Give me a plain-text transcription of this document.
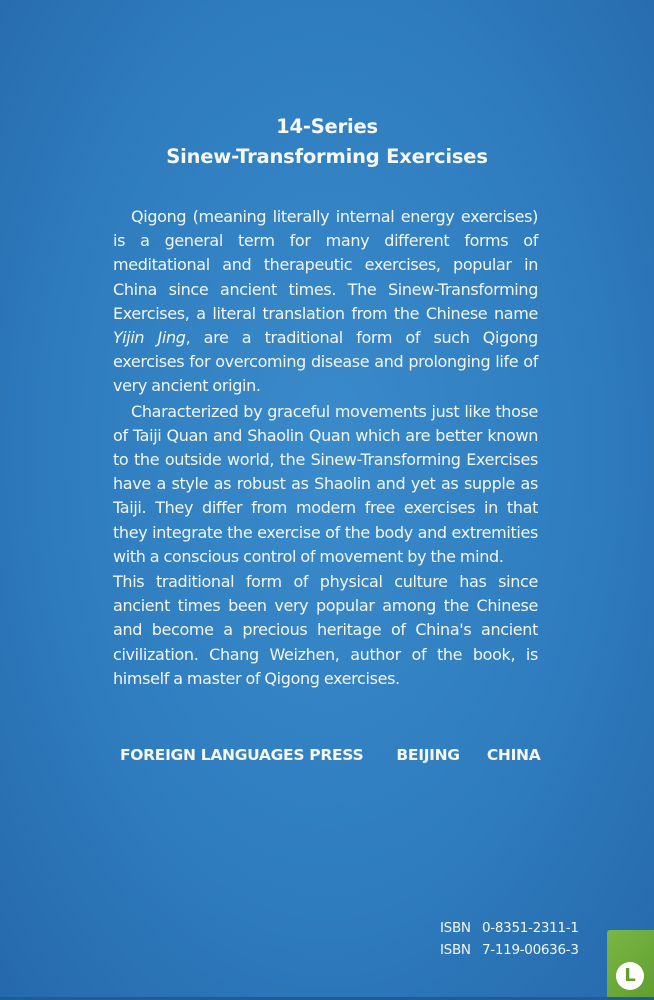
14-Series
Sinew-Transforming Exercises

Qigong (meaning literally internal energy exercises) is a general term for many different forms of meditational and therapeutic exercises, popular in China since ancient times. The Sinew-Transforming Exercises, a literal translation from the Chinese name Yijin Jing, are a traditional form of such Qigong exercises for overcoming disease and prolonging life of very ancient origin.

Characterized by graceful movements just like those of Taiji Quan and Shaolin Quan which are better known to the outside world, the Sinew-Transforming Exercises have a style as robust as Shaolin and yet as supple as Taiji. They differ from modern free exercises in that they integrate the exercise of the body and extremities with a conscious control of movement by the mind.

This traditional form of physical culture has since ancient times been very popular among the Chinese and become a precious heritage of China's ancient civilization. Chang Weizhen, author of the book, is himself a master of Qigong exercises.

FOREIGN LANGUAGES PRESS BEIJING CHINA
ISBN 0-8351-2311-1
ISBN 7-119-00636-3
L
